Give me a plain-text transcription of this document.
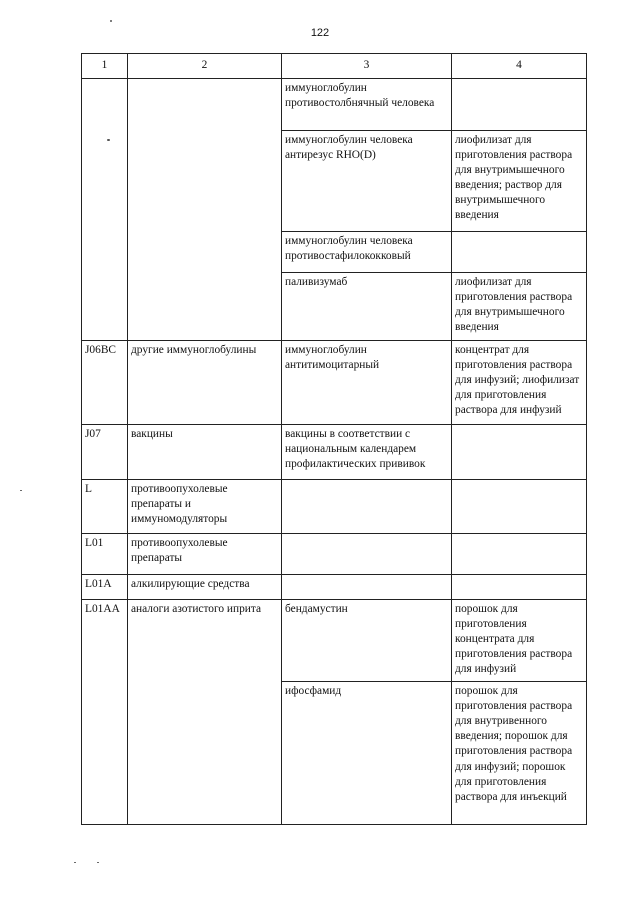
122
1	2	3	4
		иммуноглобулин противостолбнячный человека	
		иммуноглобулин человека антирезус RHO(D)	лиофилизат для приготовления раствора для внутримышечного введения; раствор для внутримышечного введения
		иммуноглобулин человека противостафилококковый	
		паливизумаб	лиофилизат для приготовления раствора для внутримышечного введения
J06BC	другие иммуноглобулины	иммуноглобулин антитимоцитарный	концентрат для приготовления раствора для инфузий; лиофилизат для приготовления раствора для инфузий
J07	вакцины	вакцины в соответствии с национальным календарем профилактических прививок	
L	противоопухолевые препараты и иммуномодуляторы		
L01	противоопухолевые препараты		
L01A	алкилирующие средства		
L01AA	аналоги азотистого иприта	бендамустин	порошок для приготовления концентрата для приготовления раствора для инфузий
		ифосфамид	порошок для приготовления раствора для внутривенного введения; порошок для приготовления раствора для инфузий; порошок для приготовления раствора для инъекций
